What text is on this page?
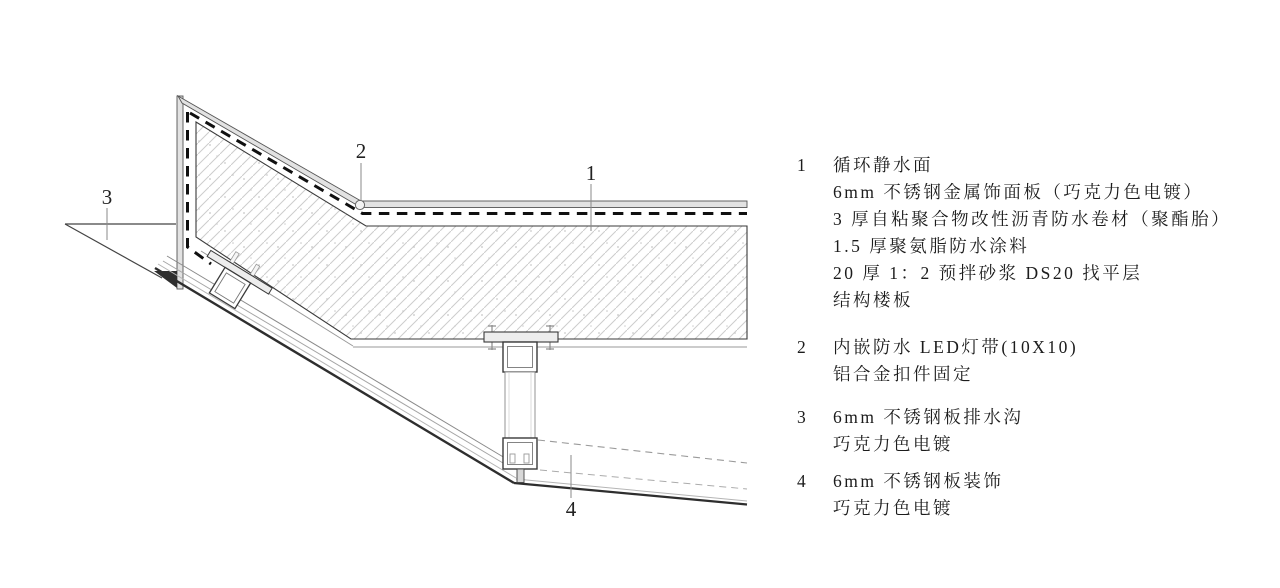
1
2
3
4
1	循环静水面
6mm 不锈钢金属饰面板（巧克力色电镀）
3 厚自粘聚合物改性沥青防水卷材（聚酯胎）
1.5 厚聚氨脂防水涂料
20 厚 1：2 预拌砂浆 DS20 找平层
结构楼板
2	内嵌防水 LED灯带(10X10)
铝合金扣件固定
3	6mm 不锈钢板排水沟
巧克力色电镀
4	6mm 不锈钢板装饰
巧克力色电镀
